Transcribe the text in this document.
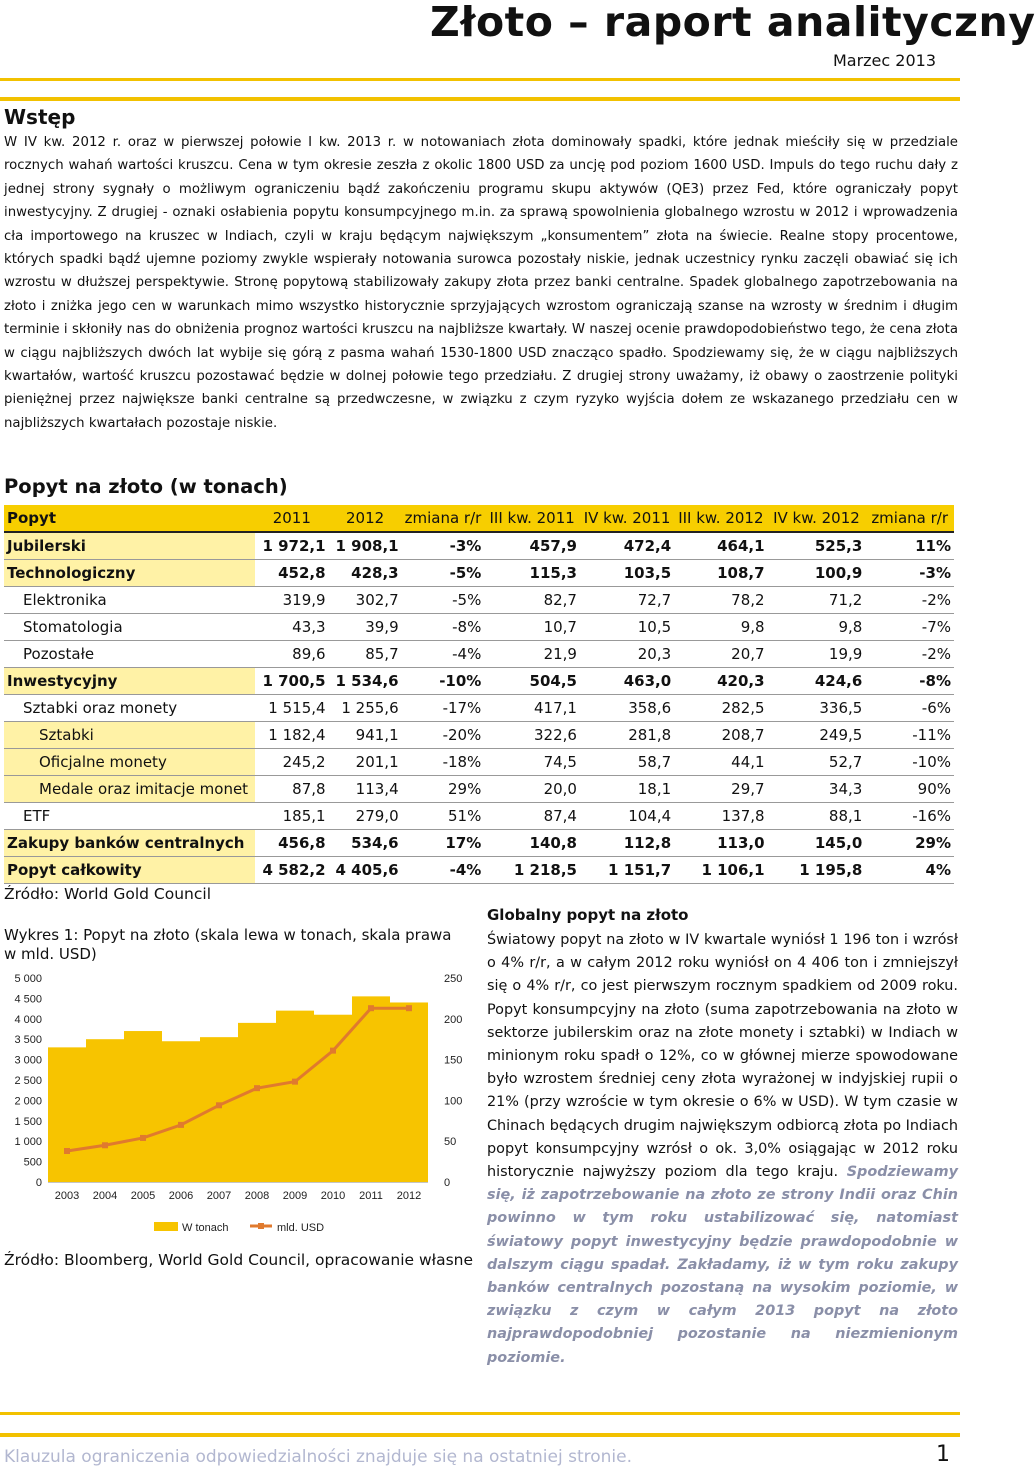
Złoto – raport analityczny
Marzec 2013
Wstęp
W IV kw. 2012 r. oraz w pierwszej połowie I kw. 2013 r. w notowaniach złota dominowały spadki, które jednak mieściły się w przedziale rocznych wahań wartości kruszcu. Cena w tym okresie zeszła z okolic 1800 USD za uncję pod poziom 1600 USD. Impuls do tego ruchu dały z jednej strony sygnały o możliwym ograniczeniu bądź zakończeniu programu skupu aktywów (QE3) przez Fed, które ograniczały popyt inwestycyjny. Z drugiej - oznaki osłabienia popytu konsumpcyjnego m.in. za sprawą spowolnienia globalnego wzrostu w 2012 i wprowadzenia cła importowego na kruszec w Indiach, czyli w kraju będącym największym „konsumentem” złota na świecie. Realne stopy procentowe, których spadki bądź ujemne poziomy zwykle wspierały notowania surowca pozostały niskie, jednak uczestnicy rynku zaczęli obawiać się ich wzrostu w dłuższej perspektywie. Stronę popytową stabilizowały zakupy złota przez banki centralne. Spadek globalnego zapotrzebowania na złoto i zniżka jego cen w warunkach mimo wszystko historycznie sprzyjających wzrostom ograniczają szanse na wzrosty w średnim i długim terminie i skłoniły nas do obniżenia prognoz wartości kruszcu na najbliższe kwartały. W naszej ocenie prawdopodobieństwo tego, że cena złota w ciągu najbliższych dwóch lat wybije się górą z pasma wahań 1530-1800 USD znacząco spadło. Spodziewamy się, że w ciągu najbliższych kwartałów, wartość kruszcu pozostawać będzie w dolnej połowie tego przedziału. Z drugiej strony uważamy, iż obawy o zaostrzenie polityki pieniężnej przez największe banki centralne są przedwczesne, w związku z czym ryzyko wyjścia dołem ze wskazanego przedziału cen w najbliższych kwartałach pozostaje niskie.
Popyt na złoto (w tonach)
Popyt	2011	2012	zmiana r/r	III kw. 2011	IV kw. 2011	III kw. 2012	IV kw. 2012	zmiana r/r
Jubilerski	1 972,1	1 908,1	-3%	457,9	472,4	464,1	525,3	11%
Technologiczny	452,8	428,3	-5%	115,3	103,5	108,7	100,9	-3%
Elektronika	319,9	302,7	-5%	82,7	72,7	78,2	71,2	-2%
Stomatologia	43,3	39,9	-8%	10,7	10,5	9,8	9,8	-7%
Pozostałe	89,6	85,7	-4%	21,9	20,3	20,7	19,9	-2%
Inwestycyjny	1 700,5	1 534,6	-10%	504,5	463,0	420,3	424,6	-8%
Sztabki oraz monety	1 515,4	1 255,6	-17%	417,1	358,6	282,5	336,5	-6%
Sztabki	1 182,4	941,1	-20%	322,6	281,8	208,7	249,5	-11%
Oficjalne monety	245,2	201,1	-18%	74,5	58,7	44,1	52,7	-10%
Medale oraz imitacje monet	87,8	113,4	29%	20,0	18,1	29,7	34,3	90%
ETF	185,1	279,0	51%	87,4	104,4	137,8	88,1	-16%
Zakupy banków centralnych	456,8	534,6	17%	140,8	112,8	113,0	145,0	29%
Popyt całkowity	4 582,2	4 405,6	-4%	1 218,5	1 151,7	1 106,1	1 195,8	4%
Źródło: World Gold Council
Wykres 1: Popyt na złoto (skala lewa w tonach, skala prawa w mld. USD)
5 000
4 500
4 000
3 500
3 000
2 500
2 000
1 500
1 000
500
0
250
200
150
100
50
0
2003 2004 2005 2006 2007 2008 2009 2010 2011 2012
W tonach	mld. USD
Źródło: Bloomberg, World Gold Council, opracowanie własne
Globalny popyt na złoto
Światowy popyt na złoto w IV kwartale wyniósł 1 196 ton i wzrósł o 4% r/r, a w całym 2012 roku wyniósł on 4 406 ton i zmniejszył się o 4% r/r, co jest pierwszym rocznym spadkiem od 2009 roku. Popyt konsumpcyjny na złoto (suma zapotrzebowania na złoto w sektorze jubilerskim oraz na złote monety i sztabki) w Indiach w minionym roku spadł o 12%, co w głównej mierze spowodowane było wzrostem średniej ceny złota wyrażonej w indyjskiej rupii o 21% (przy wzroście w tym okresie o 6% w USD). W tym czasie w Chinach będących drugim największym odbiorcą złota po Indiach popyt konsumpcyjny wzrósł o ok. 3,0% osiągając w 2012 roku historycznie najwyższy poziom dla tego kraju. Spodziewamy się, iż zapotrzebowanie na złoto ze strony Indii oraz Chin powinno w tym roku ustabilizować się, natomiast światowy popyt inwestycyjny będzie prawdopodobnie w dalszym ciągu spadał. Zakładamy, iż w tym roku zakupy banków centralnych pozostaną na wysokim poziomie, w związku z czym w całym 2013 popyt na złoto najprawdopodobniej pozostanie na niezmienionym poziomie.
Klauzula ograniczenia odpowiedzialności znajduje się na ostatniej stronie.	1
